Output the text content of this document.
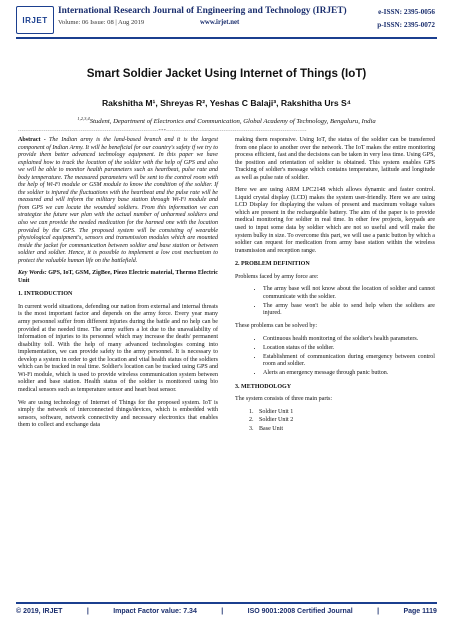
IRJET
International Research Journal of Engineering and Technology (IRJET)
Volume: 06 Issue: 08 | Aug 2019	www.irjet.net
e-ISSN: 2395-0056
p-ISSN: 2395-0072
Smart Soldier Jacket Using Internet of Things (IoT)
Rakshitha M¹, Shreyas R², Yeshas C Balaji³, Rakshitha Urs S⁴
$^{1,2,3,4}$Student, Department of Electronics and Communication, Global Academy of Technology, Bengaluru, India
----------------------------------------------------------------------------***----------------------------------------------------------------------------

Abstract - The Indian army is the land-based branch and it is the largest component of Indian Army. It will be beneficial for our country's safety if we try to provide them better advanced technology equipment. In this paper we have explained how to track the location of the soldier with the help of GPS and also we will be able to monitor health parameters such as heartbeat, pulse rate and body temperature. The measured parameters will be sent to the control room with the help of Wi-Fi module or GSM module to know the condition of the soldier. If the soldier is injured the fluctuations with the heartbeat and the pulse rate will be measured and will inform the military base station through Wi-Fi module and from GPS we can locate the wounded soldiers. From this information we can strategize the future war plan with the actual number of unharmed soldiers and also we can provide the needed medication for the harmed one with the location provided by the GPS. The proposed system will be consisting of wearable physiological equipment's, sensors and transmission modules which are mounted inside the jacket for communication between soldier and base station or between soldier and soldier. Hence, it is possible to implement a low cost mechanism to protect the valuable human life on the battlefield.

Key Words: GPS, IoT, GSM, ZigBee, Piezo Electric material, Thermo Electric Unit

1. INTRODUCTION

In current world situations, defending our nation from external and internal threats is the most important factor and depends on the army force. Every year many army personnel suffer from different injuries during the battle and no help can be provided at the needed time. The army suffers a lot due to the unavailability of information of injuries to its personnel which may increase the death/ permanent disability toll. With the help of many advanced technologies coming into implementation, we can provide safety to the army personnel. It is necessary to develop a system in order to get the location and vital health status of the soldiers which can be tracked in real time. Soldier's location can be tracked using GPS and Wi-Fi module, which is used to provide wireless communication system between soldier and base station. Health status of the soldier is monitored using bio medical sensors such as temperature sensor and heart beat sensor.

We are using technology of Internet of Things for the proposed system. IoT is simply the network of interconnected things/devices, which is embedded with sensors, software, network connectivity and necessary electronics that enables them to collect and exchange data

making them responsive. Using IoT, the status of the soldier can be transferred from one place to another over the network. The IoT makes the entire monitoring process efficient, fast and the decisions can be taken in very less time. Using GPS, the position and orientation of soldier is obtained. This system enables GPS Tracking of soldier's message which contains temperature, latitude and longitude as well as pulse rate of soldier.

Here we are using ARM LPC2148 which allows dynamic and faster control. Liquid crystal display (LCD) makes the system user-friendly. Here we are using LCD Display for displaying the values of present and maximum voltage values which are present in the rechargeable battery. The aim of the paper is to provide medical monitoring for soldier in real time. In other few projects, keypads are used to input some data by soldier which are not so useful and will make the system bulky in size. To overcome this part, we will use a panic button by which a soldier can request for medication from army base station within the wireless transmission and reception range.

2. PROBLEM DEFINITION

Problems faced by army force are:

• The army base will not know about the location of soldier and cannot communicate with the soldier.
• The army base won't be able to send help when the soldiers are injured.

These problems can be solved by:

• Continuous health monitoring of the soldier's health parameters.
• Location status of the soldier.
• Establishment of communication during emergency between control room and soldier.
• Alerts an emergency message through panic button.

3. METHODOLOGY

The system consists of three main parts:

1. Soldier Unit 1
2. Soldier Unit 2
3. Base Unit
© 2019, IRJET	|	Impact Factor value: 7.34	|	ISO 9001:2008 Certified Journal	|	Page 1119
